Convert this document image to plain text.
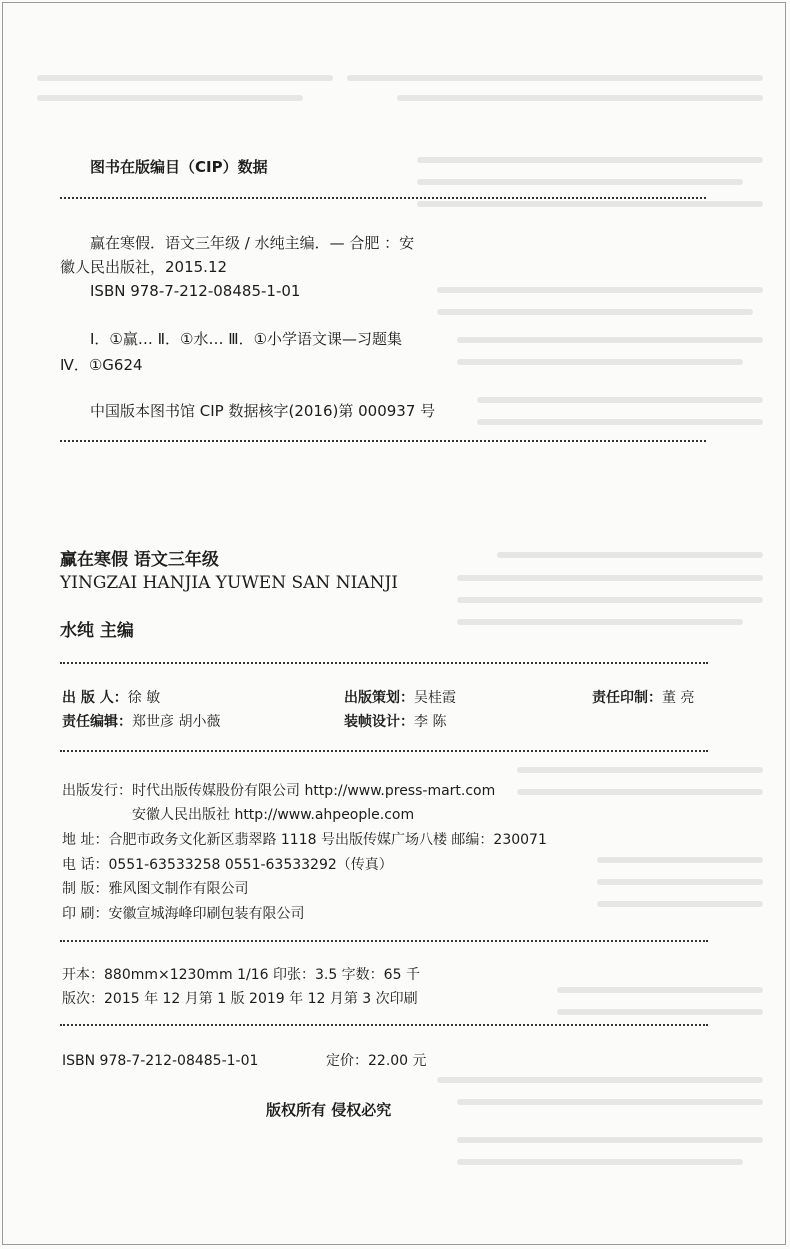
图书在版编目（CIP）数据
赢在寒假．语文三年级 / 水纯主编．— 合肥 ：安
徽人民出版社，2015.12
ISBN 978-7-212-08485-1-01
Ⅰ．①赢… Ⅱ．①水… Ⅲ．①小学语文课—习题集
Ⅳ．①G624
中国版本图书馆 CIP 数据核字(2016)第 000937 号
赢在寒假 语文三年级
YINGZAI HANJIA YUWEN SAN NIANJI
水纯 主编
出 版 人：徐 敏	出版策划：吴桂霞	责任印制：董 亮
责任编辑：郑世彦 胡小薇	装帧设计：李 陈
出版发行：时代出版传媒股份有限公司 http://www.press-mart.com
安徽人民出版社 http://www.ahpeople.com
地 址：合肥市政务文化新区翡翠路 1118 号出版传媒广场八楼 邮编：230071
电 话：0551-63533258 0551-63533292（传真）
制 版：雅风图文制作有限公司
印 刷：安徽宣城海峰印刷包装有限公司
开本：880mm×1230mm 1/16 印张：3.5 字数：65 千
版次：2015 年 12 月第 1 版 2019 年 12 月第 3 次印刷
ISBN 978-7-212-08485-1-01	定价：22.00 元
版权所有 侵权必究
